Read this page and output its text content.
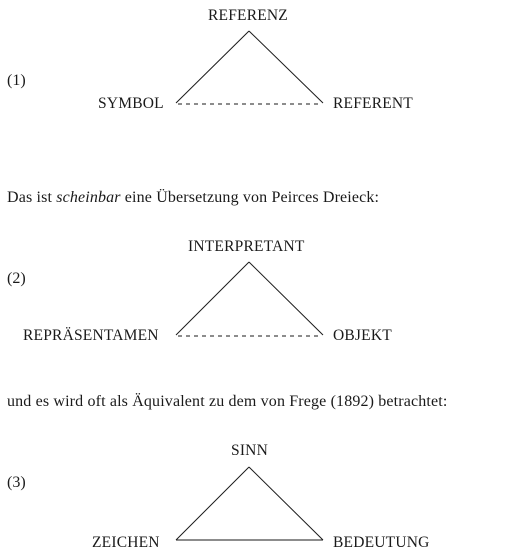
(1)
REFERENZ
SYMBOL	REFERENT
Das ist scheinbar eine Übersetzung von Peirces Dreieck:
(2)
INTERPRETANT
REPRÄSENTAMEN	OBJEKT
und es wird oft als Äquivalent zu dem von Frege (1892) betrachtet:
(3)
SINN
ZEICHEN	BEDEUTUNG
